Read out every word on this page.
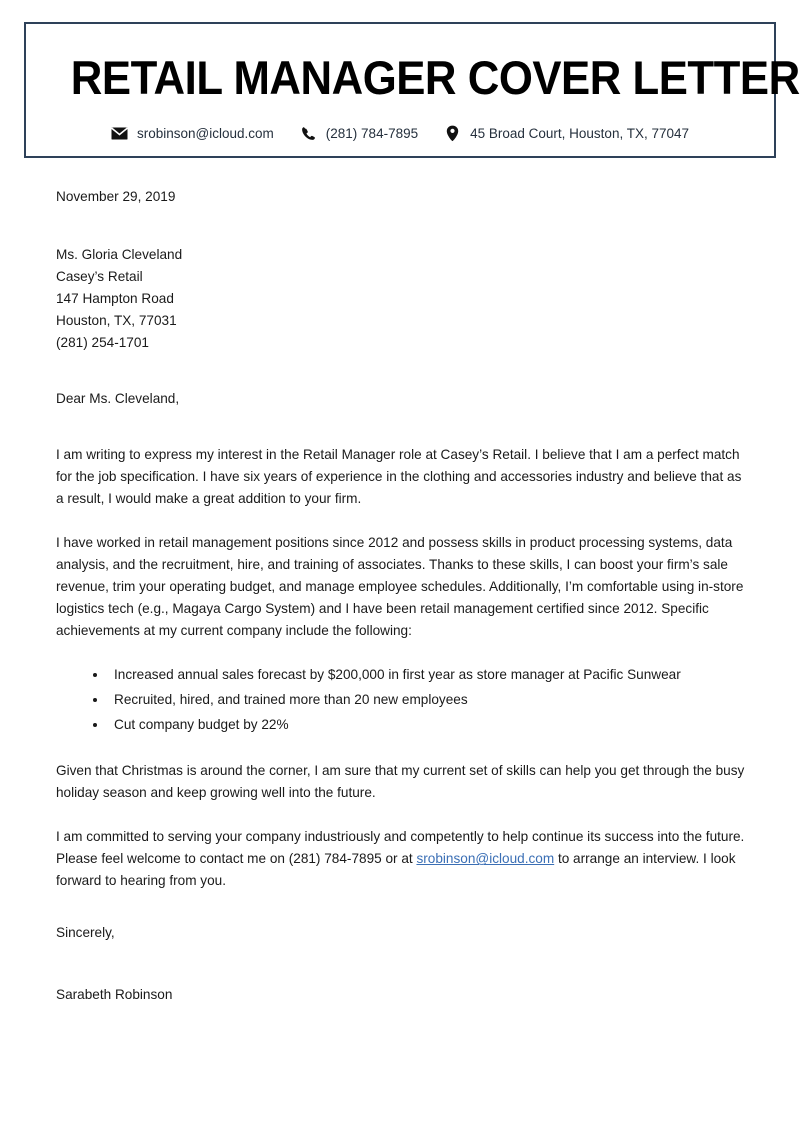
RETAIL MANAGER COVER LETTER
srobinson@icloud.com	(281) 784-7895	45 Broad Court, Houston, TX, 77047
November 29, 2019
Ms. Gloria Cleveland
Casey’s Retail
147 Hampton Road
Houston, TX, 77031
(281) 254-1701
Dear Ms. Cleveland,

I am writing to express my interest in the Retail Manager role at Casey’s Retail. I believe that I am a perfect match for the job specification. I have six years of experience in the clothing and accessories industry and believe that as a result, I would make a great addition to your firm.

I have worked in retail management positions since 2012 and possess skills in product processing systems, data analysis, and the recruitment, hire, and training of associates. Thanks to these skills, I can boost your firm’s sale revenue, trim your operating budget, and manage employee schedules. Additionally, I’m comfortable using in-store logistics tech (e.g., Magaya Cargo System) and I have been retail management certified since 2012. Specific achievements at my current company include the following:

• Increased annual sales forecast by $200,000 in first year as store manager at Pacific Sunwear
• Recruited, hired, and trained more than 20 new employees
• Cut company budget by 22%

Given that Christmas is around the corner, I am sure that my current set of skills can help you get through the busy holiday season and keep growing well into the future.

I am committed to serving your company industriously and competently to help continue its success into the future. Please feel welcome to contact me on (281) 784-7895 or at srobinson@icloud.com to arrange an interview. I look forward to hearing from you.

Sincerely,
Sarabeth Robinson
